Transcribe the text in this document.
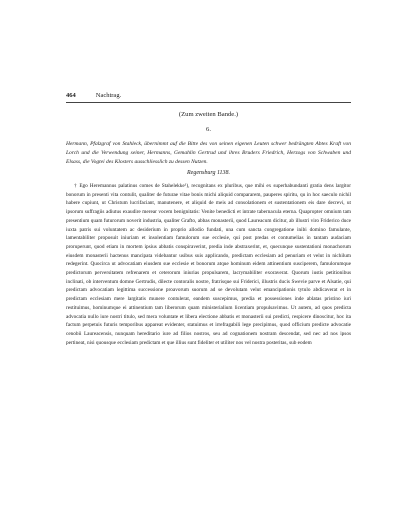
464	Nachtrag.
(Zum zweiten Bande.)
6.
Hermann, Pfalzgraf von Stahleck, übernimmt auf die Bitte des von seinen eigenen Leuten schwer bedrängten Abtes Kraft von Lorch und die Verwendung seiner, Hermanns, Gemahlin Gertrud und ihres Bruders Friedrich, Herzogs von Schwaben und Elsass, die Vogtei des Klosters ausschliesslich zu dessen Nutzen.
Regensburg 1138.
† Ego Heremannus palatinus comes de Stahelekke¹), recognitans ex pluribus, que mihi ex superhabundanti gratia dens largitor bonorum in presenti vita contulit, qualiter de futurae vitae bonis michi aliquid compararem, pauperes spiritu, qu in hoc saeculo nichil habere cupiunt, ut Christum lucrifaciant, manutenere, et aliquid de meis ad consolationem et sustentationem eis dare decrevi, ut ipsorum suffragiis adiutus exaudire merear vocem benignitatis: Venite benedicti et intrate tabernacula eterna. Quapropter omnium tam presentium quam futurorum noverit industria, qualiter Grafto, abbas monasterii, quod Laureacum dicitur, ab illustri viro Friderico duce iuxta patris sui voluntatem ac desiderium in proprio allodio fundati, una cum sancta congregatione inibi domino famulante, lamentabiliter proposuit iniuriam et insolentiam famulorum sue ecclesie, qui post predas et contumelias in tantam audaciam proruperunt, quod etiam in mortem ipsius abbatis conspiraverint, predia inde abstraxerint, et, quecunque sustentationi monachorum eiusdem monasterii hactenus mancipata videbantur usibus suis applicando, predictam ecclesiam ad penuriam et velut in nichilum redegerint. Quocirca ut advocatiam eiusdem sue ecclesie et bonorum atque hominum eidem attinentium susciperem, famulorumque predictorum perversitatem refrenarem et ceterorum iniurias propulsarem, lacrymabiliter exoraverat. Quorum iustis petitionibus inclinati, ob interventum domne Gertrudis, dilecte contoralis nostre, fratrisque sui Friderici, illustris ducis Swevie parve et Alsatie, qui predictam advocatiam legittima successione proavorum suorum ad se devolutam velut emancipationis tytulo abdicaverat et in predictam ecclesiam mere largitatis munere contulerat, eandem suscepimus, predia et possessiones inde ablatas pristino iuri restituimus, hominumque ei attinentium tam liberorum quam ministerialium licentiam propulsavimus. Ut autem, ad quos predicta advocatia nullo iure nostri titulo, sed mera voluntate et libera electione abbatis et monasterii sui predicti, respicere dinoscitur, hoc ita factum perpetuis futuris temporibus appareat evidenter, statuimus et irrefragabili lege precipimus, quod officium predicte advocatie cenobii Laureacensis, nunquam hereditario iure ad filios nostros, seu ad cognationem nostram descendat, sed nec ad nos ipsos pertineat, nisi quousque ecclesiam predictam et que illius sunt fideliter et utiliter nos vel nostra posteritas, sub eodem
